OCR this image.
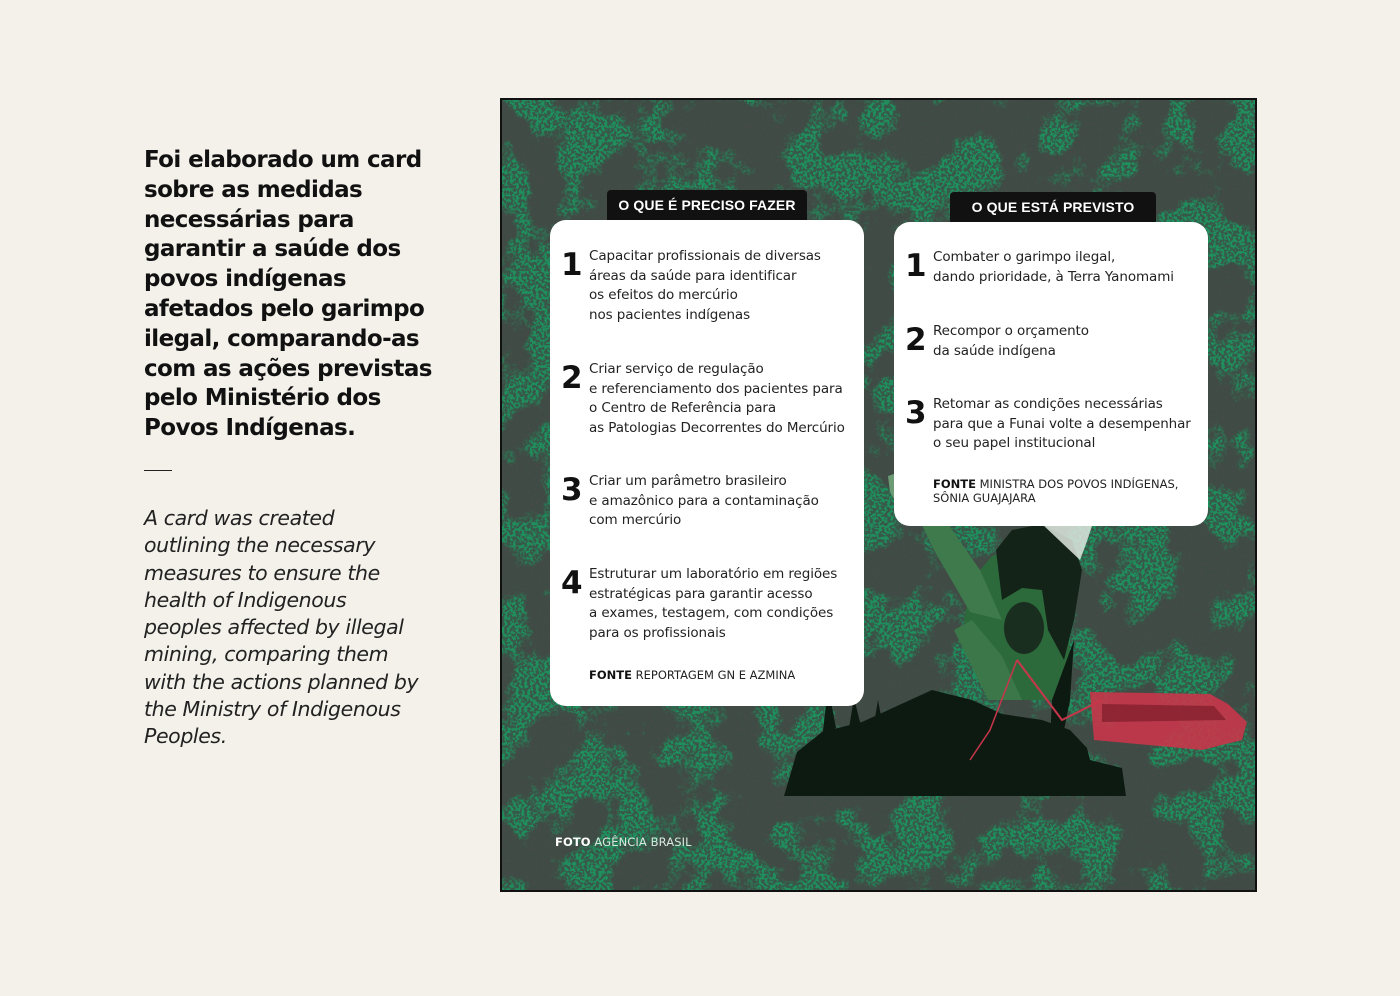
Foi elaborado um card sobre as medidas necessárias para garantir a saúde dos povos indígenas afetados pelo garimpo ilegal, comparando-as com as ações previstas pelo Ministério dos Povos Indígenas.

A card was created outlining the necessary measures to ensure the health of Indigenous peoples affected by illegal mining, comparing them with the actions planned by the Ministry of Indigenous Peoples.

O QUE É PRECISO FAZER
1 Capacitar profissionais de diversas
áreas da saúde para identificar
os efeitos do mercúrio
nos pacientes indígenas
2 Criar serviço de regulação
e referenciamento dos pacientes para
o Centro de Referência para
as Patologias Decorrentes do Mercúrio
3 Criar um parâmetro brasileiro
e amazônico para a contaminação
com mercúrio
4 Estruturar um laboratório em regiões
estratégicas para garantir acesso
a exames, testagem, com condições
para os profissionais
FONTE REPORTAGEM GN E AZMINA
O QUE ESTÁ PREVISTO
1 Combater o garimpo ilegal,
dando prioridade, à Terra Yanomami
2 Recompor o orçamento
da saúde indígena
3 Retomar as condições necessárias
para que a Funai volte a desempenhar
o seu papel institucional
FONTE MINISTRA DOS POVOS INDÍGENAS,
SÔNIA GUAJAJARA
FOTO AGÊNCIA BRASIL
